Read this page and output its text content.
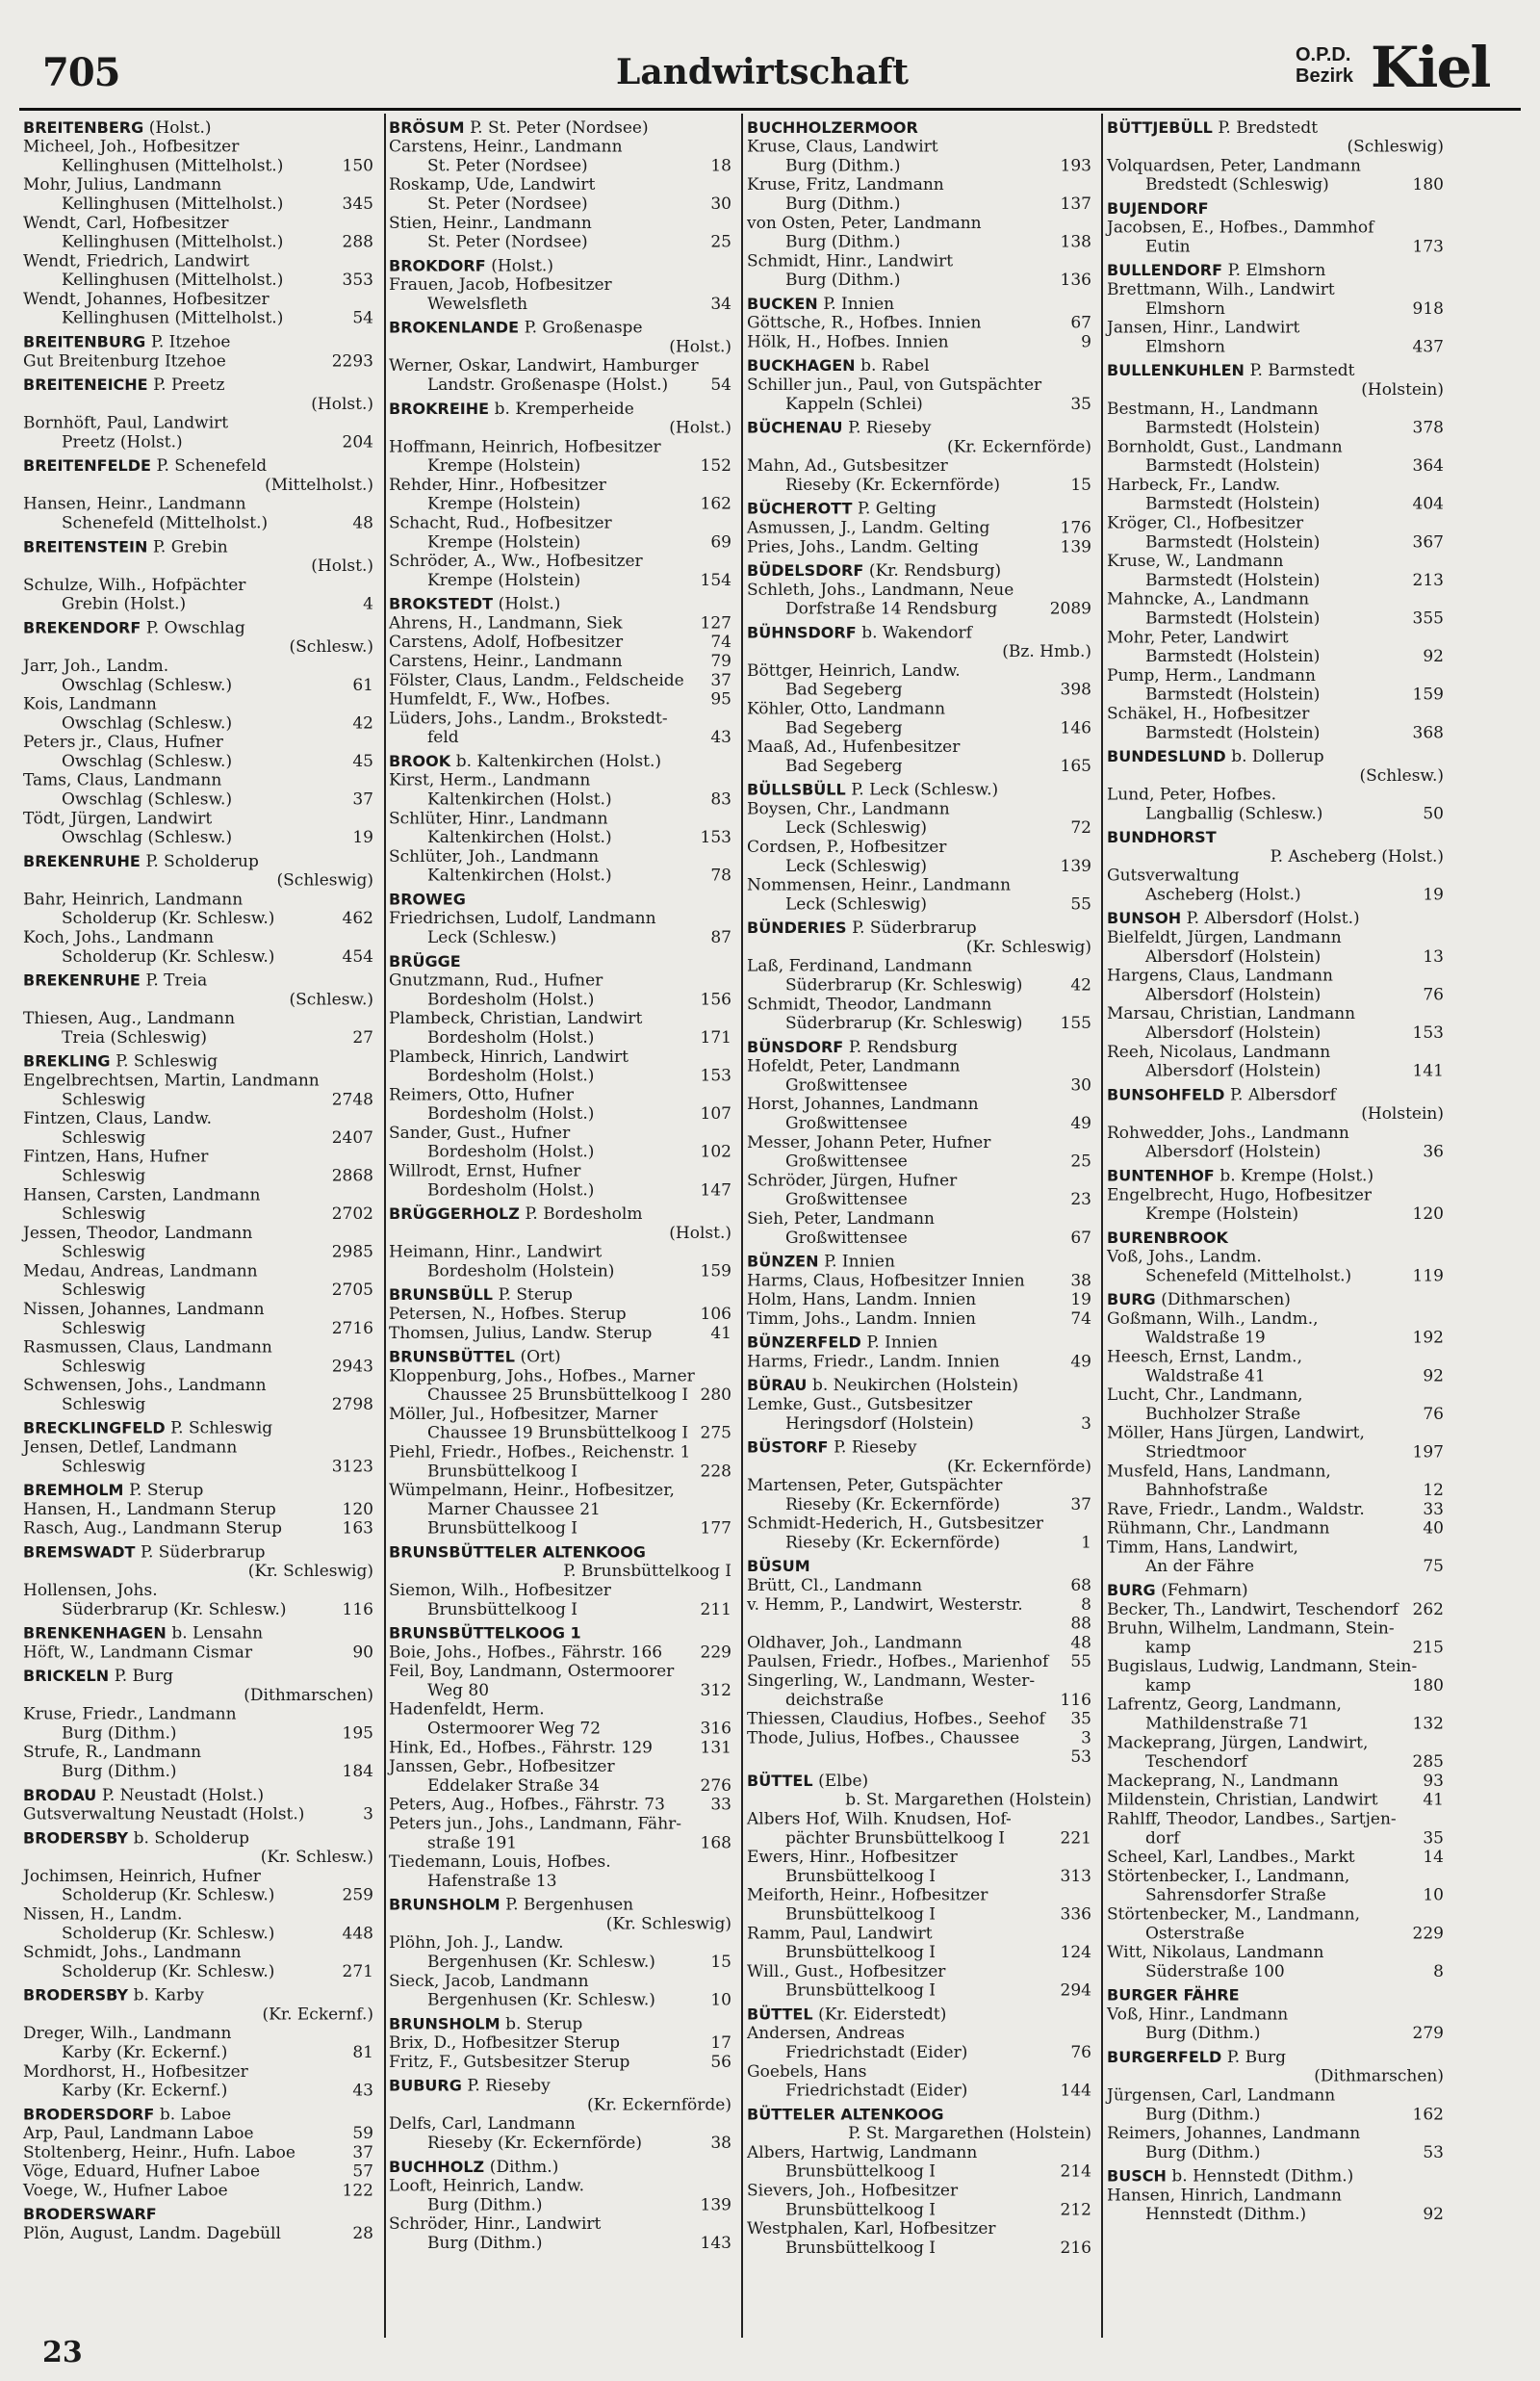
705	Landwirtschaft	O.P.D.
Bezirk Kiel
BREITENBERG (Holst.)
Micheel, Joh., Hofbesitzer
Kellinghusen (Mittelholst.)	150
Mohr, Julius, Landmann
Kellinghusen (Mittelholst.)	345
Wendt, Carl, Hofbesitzer
Kellinghusen (Mittelholst.)	288
Wendt, Friedrich, Landwirt
Kellinghusen (Mittelholst.)	353
Wendt, Johannes, Hofbesitzer
Kellinghusen (Mittelholst.)	54
BREITENBURG P. Itzehoe
Gut Breitenburg Itzehoe	2293
BREITENEICHE P. Preetz
(Holst.)
Bornhöft, Paul, Landwirt
Preetz (Holst.)	204
BREITENFELDE P. Schenefeld
(Mittelholst.)
Hansen, Heinr., Landmann
Schenefeld (Mittelholst.)	48
BREITENSTEIN P. Grebin
(Holst.)
Schulze, Wilh., Hofpächter
Grebin (Holst.)	4
BREKENDORF P. Owschlag
(Schlesw.)
Jarr, Joh., Landm.
Owschlag (Schlesw.)	61
Kois, Landmann
Owschlag (Schlesw.)	42
Peters jr., Claus, Hufner
Owschlag (Schlesw.)	45
Tams, Claus, Landmann
Owschlag (Schlesw.)	37
Tödt, Jürgen, Landwirt
Owschlag (Schlesw.)	19
BREKENRUHE P. Scholderup
(Schleswig)
Bahr, Heinrich, Landmann
Scholderup (Kr. Schlesw.)	462
Koch, Johs., Landmann
Scholderup (Kr. Schlesw.)	454
BREKENRUHE P. Treia
(Schlesw.)
Thiesen, Aug., Landmann
Treia (Schleswig)	27
BREKLING P. Schleswig
Engelbrechtsen, Martin, Landmann
Schleswig	2748
Fintzen, Claus, Landw.
Schleswig	2407
Fintzen, Hans, Hufner
Schleswig	2868
Hansen, Carsten, Landmann
Schleswig	2702
Jessen, Theodor, Landmann
Schleswig	2985
Medau, Andreas, Landmann
Schleswig	2705
Nissen, Johannes, Landmann
Schleswig	2716
Rasmussen, Claus, Landmann
Schleswig	2943
Schwensen, Johs., Landmann
Schleswig	2798
BRECKLINGFELD P. Schleswig
Jensen, Detlef, Landmann
Schleswig	3123
BREMHOLM P. Sterup
Hansen, H., Landmann Sterup	120
Rasch, Aug., Landmann Sterup	163
BREMSWADT P. Süderbrarup
(Kr. Schleswig)
Hollensen, Johs.
Süderbrarup (Kr. Schlesw.)	116
BRENKENHAGEN b. Lensahn
Höft, W., Landmann Cismar	90
BRICKELN P. Burg
(Dithmarschen)
Kruse, Friedr., Landmann
Burg (Dithm.)	195
Strufe, R., Landmann
Burg (Dithm.)	184
BRODAU P. Neustadt (Holst.)
Gutsverwaltung Neustadt (Holst.)	3
BRODERSBY b. Scholderup
(Kr. Schlesw.)
Jochimsen, Heinrich, Hufner
Scholderup (Kr. Schlesw.)	259
Nissen, H., Landm.
Scholderup (Kr. Schlesw.)	448
Schmidt, Johs., Landmann
Scholderup (Kr. Schlesw.)	271
BRODERSBY b. Karby
(Kr. Eckernf.)
Dreger, Wilh., Landmann
Karby (Kr. Eckernf.)	81
Mordhorst, H., Hofbesitzer
Karby (Kr. Eckernf.)	43
BRODERSDORF b. Laboe
Arp, Paul, Landmann Laboe	59
Stoltenberg, Heinr., Hufn. Laboe	37
Vöge, Eduard, Hufner Laboe	57
Voege, W., Hufner Laboe	122
BRODERSWARF
Plön, August, Landm. Dagebüll	28
BRÖSUM P. St. Peter (Nordsee)
Carstens, Heinr., Landmann
St. Peter (Nordsee)	18
Roskamp, Ude, Landwirt
St. Peter (Nordsee)	30
Stien, Heinr., Landmann
St. Peter (Nordsee)	25
BROKDORF (Holst.)
Frauen, Jacob, Hofbesitzer
Wewelsfleth	34
BROKENLANDE P. Großenaspe
(Holst.)
Werner, Oskar, Landwirt, Hamburger
Landstr. Großenaspe (Holst.)	54
BROKREIHE b. Kremperheide
(Holst.)
Hoffmann, Heinrich, Hofbesitzer
Krempe (Holstein)	152
Rehder, Hinr., Hofbesitzer
Krempe (Holstein)	162
Schacht, Rud., Hofbesitzer
Krempe (Holstein)	69
Schröder, A., Ww., Hofbesitzer
Krempe (Holstein)	154
BROKSTEDT (Holst.)
Ahrens, H., Landmann, Siek	127
Carstens, Adolf, Hofbesitzer	74
Carstens, Heinr., Landmann	79
Fölster, Claus, Landm., Feldscheide 37
Humfeldt, F., Ww., Hofbes.	95
Lüders, Johs., Landm., Brokstedt-
feld	43
BROOK b. Kaltenkirchen (Holst.)
Kirst, Herm., Landmann
Kaltenkirchen (Holst.)	83
Schlüter, Hinr., Landmann
Kaltenkirchen (Holst.)	153
Schlüter, Joh., Landmann
Kaltenkirchen (Holst.)	78
BROWEG
Friedrichsen, Ludolf, Landmann
Leck (Schlesw.)	87
BRÜGGE
Gnutzmann, Rud., Hufner
Bordesholm (Holst.)	156
Plambeck, Christian, Landwirt
Bordesholm (Holst.)	171
Plambeck, Hinrich, Landwirt
Bordesholm (Holst.)	153
Reimers, Otto, Hufner
Bordesholm (Holst.)	107
Sander, Gust., Hufner
Bordesholm (Holst.)	102
Willrodt, Ernst, Hufner
Bordesholm (Holst.)	147
BRÜGGERHOLZ P. Bordesholm
(Holst.)
Heimann, Hinr., Landwirt
Bordesholm (Holstein)	159
BRUNSBÜLL P. Sterup
Petersen, N., Hofbes. Sterup	106
Thomsen, Julius, Landw. Sterup	41
BRUNSBÜTTEL (Ort)
Kloppenburg, Johs., Hofbes., Marner
Chaussee 25 Brunsbüttelkoog I 280
Möller, Jul., Hofbesitzer, Marner
Chaussee 19 Brunsbüttelkoog I 275
Piehl, Friedr., Hofbes., Reichenstr. 1
Brunsbüttelkoog I	228
Wümpelmann, Heinr., Hofbesitzer,
Marner Chaussee 21
Brunsbüttelkoog I	177
BRUNSBÜTTELER ALTENKOOG
P. Brunsbüttelkoog I
Siemon, Wilh., Hofbesitzer
Brunsbüttelkoog I	211
BRUNSBÜTTELKOOG 1
Boie, Johs., Hofbes., Fährstr. 166 229
Feil, Boy, Landmann, Ostermoorer
Weg 80	312
Hadenfeldt, Herm.
Ostermoorer Weg 72	316
Hink, Ed., Hofbes., Fährstr. 129	131
Janssen, Gebr., Hofbesitzer
Eddelaker Straße 34	276
Peters, Aug., Hofbes., Fährstr. 73	33
Peters jun., Johs., Landmann, Fähr-
straße 191	168
Tiedemann, Louis, Hofbes.
Hafenstraße 13
BRUNSHOLM P. Bergenhusen
(Kr. Schleswig)
Plöhn, Joh. J., Landw.
Bergenhusen (Kr. Schlesw.)	15
Sieck, Jacob, Landmann
Bergenhusen (Kr. Schlesw.)	10
BRUNSHOLM b. Sterup
Brix, D., Hofbesitzer Sterup	17
Fritz, F., Gutsbesitzer Sterup	56
BUBURG P. Rieseby
(Kr. Eckernförde)
Delfs, Carl, Landmann
Rieseby (Kr. Eckernförde)	38
BUCHHOLZ (Dithm.)
Looft, Heinrich, Landw.
Burg (Dithm.)	139
Schröder, Hinr., Landwirt
Burg (Dithm.)	143
BUCHHOLZERMOOR
Kruse, Claus, Landwirt
Burg (Dithm.)	193
Kruse, Fritz, Landmann
Burg (Dithm.)	137
von Osten, Peter, Landmann
Burg (Dithm.)	138
Schmidt, Hinr., Landwirt
Burg (Dithm.)	136
BUCKEN P. Innien
Göttsche, R., Hofbes. Innien	67
Hölk, H., Hofbes. Innien	9
BUCKHAGEN b. Rabel
Schiller jun., Paul, von Gutspächter
Kappeln (Schlei)	35
BÜCHENAU P. Rieseby
(Kr. Eckernförde)
Mahn, Ad., Gutsbesitzer
Rieseby (Kr. Eckernförde)	15
BÜCHEROTT P. Gelting
Asmussen, J., Landm. Gelting	176
Pries, Johs., Landm. Gelting	139
BÜDELSDORF (Kr. Rendsburg)
Schleth, Johs., Landmann, Neue
Dorfstraße 14 Rendsburg	2089
BÜHNSDORF b. Wakendorf
(Bz. Hmb.)
Böttger, Heinrich, Landw.
Bad Segeberg	398
Köhler, Otto, Landmann
Bad Segeberg	146
Maaß, Ad., Hufenbesitzer
Bad Segeberg	165
BÜLLSBÜLL P. Leck (Schlesw.)
Boysen, Chr., Landmann
Leck (Schleswig)	72
Cordsen, P., Hofbesitzer
Leck (Schleswig)	139
Nommensen, Heinr., Landmann
Leck (Schleswig)	55
BÜNDERIES P. Süderbrarup
(Kr. Schleswig)
Laß, Ferdinand, Landmann
Süderbrarup (Kr. Schleswig)	42
Schmidt, Theodor, Landmann
Süderbrarup (Kr. Schleswig)	155
BÜNSDORF P. Rendsburg
Hofeldt, Peter, Landmann
Großwittensee	30
Horst, Johannes, Landmann
Großwittensee	49
Messer, Johann Peter, Hufner
Großwittensee	25
Schröder, Jürgen, Hufner
Großwittensee	23
Sieh, Peter, Landmann
Großwittensee	67
BÜNZEN P. Innien
Harms, Claus, Hofbesitzer Innien	38
Holm, Hans, Landm. Innien	19
Timm, Johs., Landm. Innien	74
BÜNZERFELD P. Innien
Harms, Friedr., Landm. Innien	49
BÜRAU b. Neukirchen (Holstein)
Lemke, Gust., Gutsbesitzer
Heringsdorf (Holstein)	3
BÜSTORF P. Rieseby
(Kr. Eckernförde)
Martensen, Peter, Gutspächter
Rieseby (Kr. Eckernförde)	37
Schmidt-Hederich, H., Gutsbesitzer
Rieseby (Kr. Eckernförde)	1
BÜSUM
Brütt, Cl., Landmann	68
v. Hemm, P., Landwirt, Westerstr.	8
88
Oldhaver, Joh., Landmann	48
Paulsen, Friedr., Hofbes., Marienhof 55
Singerling, W., Landmann, Wester-
deichstraße	116
Thiessen, Claudius, Hofbes., Seehof 35
Thode, Julius, Hofbes., Chaussee	3
53
BÜTTEL (Elbe)
b. St. Margarethen (Holstein)
Albers Hof, Wilh. Knudsen, Hof-
pächter Brunsbüttelkoog I	221
Ewers, Hinr., Hofbesitzer
Brunsbüttelkoog I	313
Meiforth, Heinr., Hofbesitzer
Brunsbüttelkoog I	336
Ramm, Paul, Landwirt
Brunsbüttelkoog I	124
Will., Gust., Hofbesitzer
Brunsbüttelkoog I	294
BÜTTEL (Kr. Eiderstedt)
Andersen, Andreas
Friedrichstadt (Eider)	76
Goebels, Hans
Friedrichstadt (Eider)	144
BÜTTELER ALTENKOOG
P. St. Margarethen (Holstein)
Albers, Hartwig, Landmann
Brunsbüttelkoog I	214
Sievers, Joh., Hofbesitzer
Brunsbüttelkoog I	212
Westphalen, Karl, Hofbesitzer
Brunsbüttelkoog I	216
BÜTTJEBÜLL P. Bredstedt
(Schleswig)
Volquardsen, Peter, Landmann
Bredstedt (Schleswig)	180
BUJENDORF
Jacobsen, E., Hofbes., Dammhof
Eutin	173
BULLENDORF P. Elmshorn
Brettmann, Wilh., Landwirt
Elmshorn	918
Jansen, Hinr., Landwirt
Elmshorn	437
BULLENKUHLEN P. Barmstedt
(Holstein)
Bestmann, H., Landmann
Barmstedt (Holstein)	378
Bornholdt, Gust., Landmann
Barmstedt (Holstein)	364
Harbeck, Fr., Landw.
Barmstedt (Holstein)	404
Kröger, Cl., Hofbesitzer
Barmstedt (Holstein)	367
Kruse, W., Landmann
Barmstedt (Holstein)	213
Mahncke, A., Landmann
Barmstedt (Holstein)	355
Mohr, Peter, Landwirt
Barmstedt (Holstein)	92
Pump, Herm., Landmann
Barmstedt (Holstein)	159
Schäkel, H., Hofbesitzer
Barmstedt (Holstein)	368
BUNDESLUND b. Dollerup
(Schlesw.)
Lund, Peter, Hofbes.
Langballig (Schlesw.)	50
BUNDHORST
P. Ascheberg (Holst.)
Gutsverwaltung
Ascheberg (Holst.)	19
BUNSOH P. Albersdorf (Holst.)
Bielfeldt, Jürgen, Landmann
Albersdorf (Holstein)	13
Hargens, Claus, Landmann
Albersdorf (Holstein)	76
Marsau, Christian, Landmann
Albersdorf (Holstein)	153
Reeh, Nicolaus, Landmann
Albersdorf (Holstein)	141
BUNSOHFELD P. Albersdorf
(Holstein)
Rohwedder, Johs., Landmann
Albersdorf (Holstein)	36
BUNTENHOF b. Krempe (Holst.)
Engelbrecht, Hugo, Hofbesitzer
Krempe (Holstein)	120
BURENBROOK
Voß, Johs., Landm.
Schenefeld (Mittelholst.)	119
BURG (Dithmarschen)
Goßmann, Wilh., Landm.,
Waldstraße 19	192
Heesch, Ernst, Landm.,
Waldstraße 41	92
Lucht, Chr., Landmann,
Buchholzer Straße	76
Möller, Hans Jürgen, Landwirt,
Striedtmoor	197
Musfeld, Hans, Landmann,
Bahnhofstraße	12
Rave, Friedr., Landm., Waldstr.	33
Rühmann, Chr., Landmann	40
Timm, Hans, Landwirt,
An der Fähre	75
BURG (Fehmarn)
Becker, Th., Landwirt, Teschendorf 262
Bruhn, Wilhelm, Landmann, Stein-
kamp	215
Bugislaus, Ludwig, Landmann, Stein-
kamp	180
Lafrentz, Georg, Landmann,
Mathildenstraße 71	132
Mackeprang, Jürgen, Landwirt,
Teschendorf	285
Mackeprang, N., Landmann	93
Mildenstein, Christian, Landwirt	41
Rahlff, Theodor, Landbes., Sartjen-
dorf	35
Scheel, Karl, Landbes., Markt	14
Störtenbecker, I., Landmann,
Sahrensdorfer Straße	10
Störtenbecker, M., Landmann,
Osterstraße	229
Witt, Nikolaus, Landmann
Süderstraße 100	8
BURGER FÄHRE
Voß, Hinr., Landmann
Burg (Dithm.)	279
BURGERFELD P. Burg
(Dithmarschen)
Jürgensen, Carl, Landmann
Burg (Dithm.)	162
Reimers, Johannes, Landmann
Burg (Dithm.)	53
BUSCH b. Hennstedt (Dithm.)
Hansen, Hinrich, Landmann
Hennstedt (Dithm.)	92
23
